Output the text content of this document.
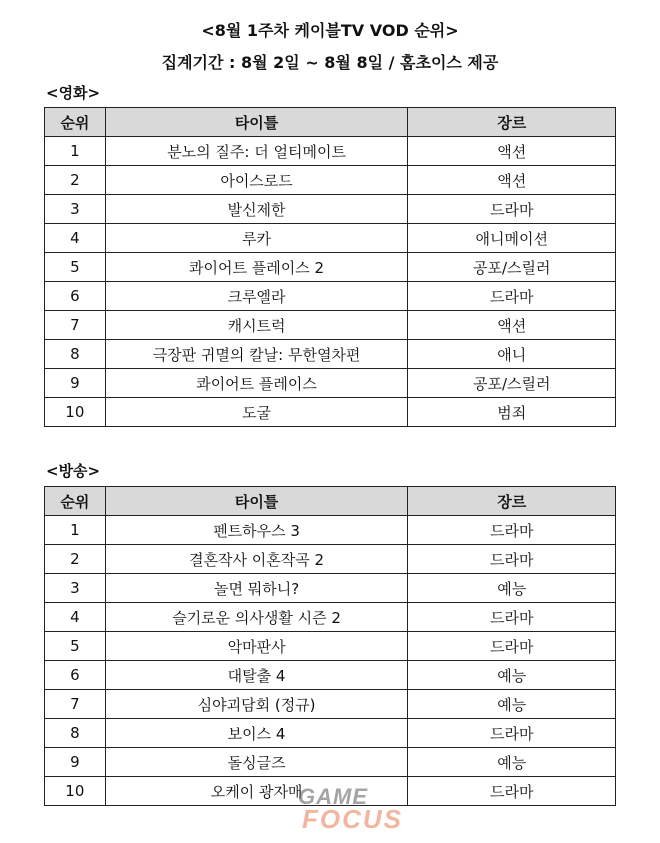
<8월 1주차 케이블TV VOD 순위>
집계기간 : 8월 2일 ~ 8월 8일 / 홈초이스 제공
<영화>
순위	타이틀	장르
1	분노의 질주: 더 얼티메이트	액션
2	아이스로드	액션
3	발신제한	드라마
4	루카	애니메이션
5	콰이어트 플레이스 2	공포/스릴러
6	크루엘라	드라마
7	캐시트럭	액션
8	극장판 귀멸의 칼날: 무한열차편	애니
9	콰이어트 플레이스	공포/스릴러
10	도굴	범죄
<방송>
순위	타이틀	장르
1	펜트하우스 3	드라마
2	결혼작사 이혼작곡 2	드라마
3	놀면 뭐하니?	예능
4	슬기로운 의사생활 시즌 2	드라마
5	악마판사	드라마
6	대탈출 4	예능
7	심야괴담회 (정규)	예능
8	보이스 4	드라마
9	돌싱글즈	예능
10	오케이 광자매	드라마
GAME
FOCUS
